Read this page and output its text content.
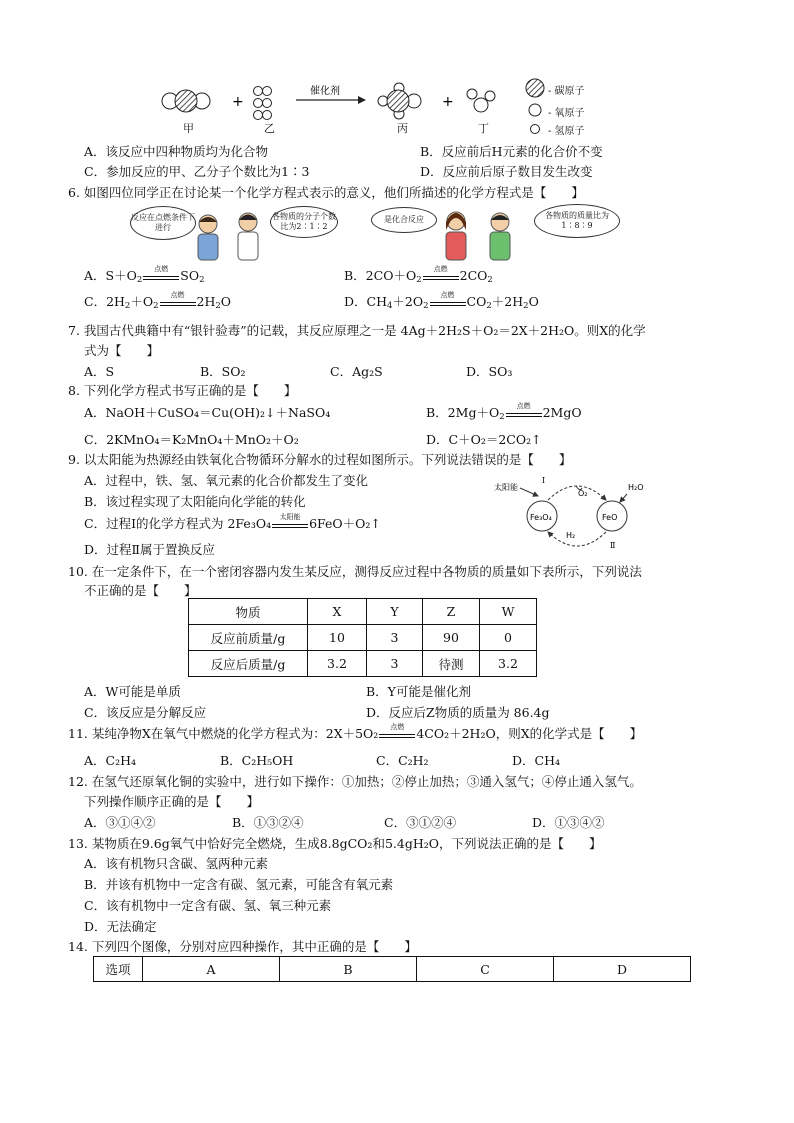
+
催化剂
+
- 碳原子
- 氧原子
- 氢原子
甲	乙	丙	丁
A．该反应中四种物质均为化合物	B．反应前后H元素的化合价不变
C．参加反应的甲、乙分子个数比为1∶3	D．反应前后原子数目发生改变
6. 如图四位同学正在讨论某一个化学方程式表示的意义，他们所描述的化学方程式是【　　】
反应在点燃条件下进行
各物质的分子个数比为2∶1∶2
是化合反应	各物质的质量比为1∶8∶9
A．$S+O_2$
点燃 $SO_2$	B．$2CO+O_2$
点燃 $2CO_2$
C．$2H_2+O_2$
点燃 $2H_2O$	D．$CH_4+2O_2$
点燃 $CO_2+2H_2O$
7. 我国古代典籍中有“银针验毒”的记载，其反应原理之一是 4Ag＋2H₂S＋O₂＝2X＋2H₂O。则X的化学
式为【　　】
A．S	B．SO₂	C．Ag₂S	D．SO₃
8. 下列化学方程式书写正确的是【　　】
A．NaOH＋CuSO₄＝Cu(OH)₂↓＋NaSO₄	B．$2Mg+O_2$
点燃 2MgO
C．2KMnO₄＝K₂MnO₄＋MnO₂＋O₂	D．C＋O₂＝2CO₂↑
9. 以太阳能为热源经由铁氧化合物循环分解水的过程如图所示。下列说法错误的是【　　】
A．过程中，铁、氢、氧元素的化合价都发生了变化
B．该过程实现了太阳能向化学能的转化
C．过程Ⅰ的化学方程式为 2Fe₃O₄	太阳能 6FeO＋O₂↑
D．过程Ⅱ属于置换反应
Fe₃O₄	FeO
太阳能
Ⅰ
O₂
H₂O
H₂
Ⅱ
10. 在一定条件下，在一个密闭容器内发生某反应，测得反应过程中各物质的质量如下表所示，下列说法
不正确的是【　　】
物质	X	Y	Z	W
反应前质量/g	10	3	90	0
反应后质量/g	3.2	3	待测	3.2
A．W可能是单质	B．Y可能是催化剂
C．该反应是分解反应	D．反应后Z物质的质量为 86.4g
11. 某纯净物X在氧气中燃烧的化学方程式为：2X＋5O₂	点燃 4CO₂＋2H₂O，则X的化学式是【　　】
A．C₂H₄	B．C₂H₅OH	C．C₂H₂	D．CH₄
12. 在氢气还原氧化铜的实验中，进行如下操作：①加热；②停止加热；③通入氢气；④停止通入氢气。
下列操作顺序正确的是【　　】
A．③①④②	B．①③②④	C．③①②④	D．①③④②
13. 某物质在9.6g氧气中恰好完全燃烧，生成8.8gCO₂和5.4gH₂O，下列说法正确的是【　　】
A．该有机物只含碳、氢两种元素
B．并该有机物中一定含有碳、氢元素，可能含有氧元素
C．该有机物中一定含有碳、氢、氧三种元素
D．无法确定
14. 下列四个图像，分别对应四种操作，其中正确的是【　　】
选项	A	B	C	D
